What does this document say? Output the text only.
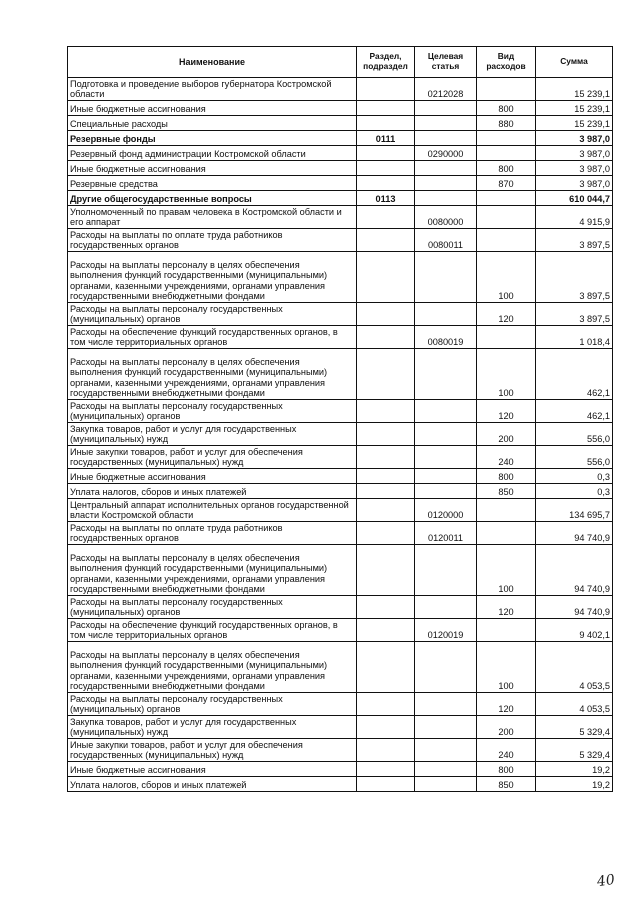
Наименование	Раздел, подраздел	Целевая статья	Вид расходов	Сумма
Подготовка и проведение выборов губернатора Костромской области		0212028		15 239,1
Иные бюджетные ассигнования			800	15 239,1
Специальные расходы			880	15 239,1
Резервные фонды	0111			3 987,0
Резервный фонд администрации Костромской области		0290000		3 987,0
Иные бюджетные ассигнования			800	3 987,0
Резервные средства			870	3 987,0
Другие общегосударственные вопросы	0113			610 044,7
Уполномоченный по правам человека в Костромской области и его аппарат		0080000		4 915,9
Расходы на выплаты по оплате труда работников государственных органов		0080011		3 897,5
Расходы на выплаты персоналу в целях обеспечения выполнения функций государственными (муниципальными) органами, казенными учреждениями, органами управления государственными внебюджетными фондами			100	3 897,5
Расходы на выплаты персоналу государственных (муниципальных) органов			120	3 897,5
Расходы на обеспечение функций государственных органов, в том числе территориальных органов		0080019		1 018,4
Расходы на выплаты персоналу в целях обеспечения выполнения функций государственными (муниципальными) органами, казенными учреждениями, органами управления государственными внебюджетными фондами			100	462,1
Расходы на выплаты персоналу государственных (муниципальных) органов			120	462,1
Закупка товаров, работ и услуг для государственных (муниципальных) нужд			200	556,0
Иные закупки товаров, работ и услуг для обеспечения государственных (муниципальных) нужд			240	556,0
Иные бюджетные ассигнования			800	0,3
Уплата налогов, сборов и иных платежей			850	0,3
Центральный аппарат исполнительных органов государственной власти Костромской области		0120000		134 695,7
Расходы на выплаты по оплате труда работников государственных органов		0120011		94 740,9
Расходы на выплаты персоналу в целях обеспечения выполнения функций государственными (муниципальными) органами, казенными учреждениями, органами управления государственными внебюджетными фондами			100	94 740,9
Расходы на выплаты персоналу государственных (муниципальных) органов			120	94 740,9
Расходы на обеспечение функций государственных органов, в том числе территориальных органов		0120019		9 402,1
Расходы на выплаты персоналу в целях обеспечения выполнения функций государственными (муниципальными) органами, казенными учреждениями, органами управления государственными внебюджетными фондами			100	4 053,5
Расходы на выплаты персоналу государственных (муниципальных) органов			120	4 053,5
Закупка товаров, работ и услуг для государственных (муниципальных) нужд			200	5 329,4
Иные закупки товаров, работ и услуг для обеспечения государственных (муниципальных) нужд			240	5 329,4
Иные бюджетные ассигнования			800	19,2
Уплата налогов, сборов и иных платежей			850	19,2
40
